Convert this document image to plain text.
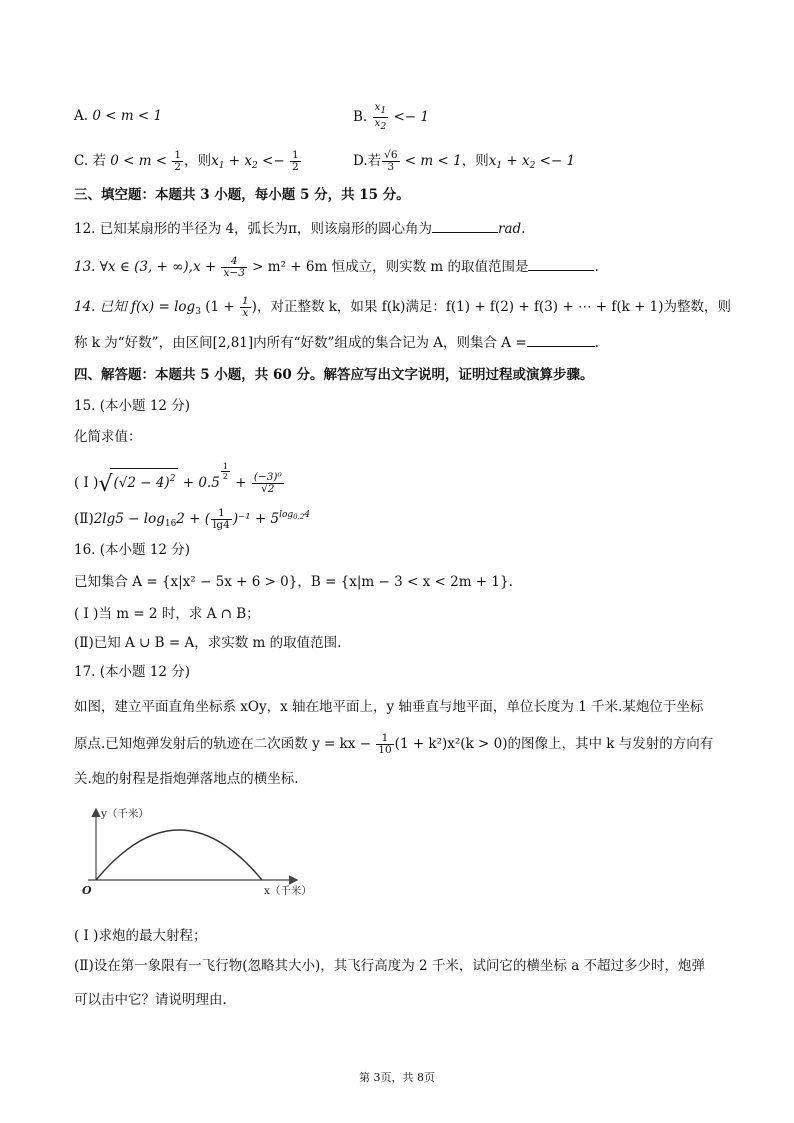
A. 0 < m < 1	B. $\frac{x1}{x2} <- 1$
C. 若 $0 < m < \frac{1}{2}$ ，则$x_1 + x_2 <- \frac{1}{2}$	D.若 $\frac{√6}{3} < m < 1$，则$x_1 + x_2 <- 1$
三、填空题：本题共 3 小题，每小题 5 分，共 15 分。
12. 已知某扇形的半径为 4，弧长为π，则该扇形的圆心角为	rad.
13. ∀x ∈ (3, + $\infty),x + \frac{4}{x-3} > m^2 + 6m$ 恒成立，则实数 m 的取值范围是	.
14. 已知 $f(x) = \log_3 (1 + \frac{1}{x}$ )，对正整数 k，如果 f(k)满足：f(1) + f(2) + f(3) + ⋯ + f(k + 1)为整数，则
称 k 为“好数”，由区间[2,81]内所有“好数”组成的集合记为 A，则集合 A =	.
四、解答题：本题共 5 小题，共 60 分。解答应写出文字说明，证明过程或演算步骤。
15. (本小题 12 分)
化简求值：
( Ⅰ )$√(√2 - 4)^2 + 0.5$
$\frac{1}{2}$
+ $\frac{\text{(−3)⁰}}{√2}$
(Ⅱ)2lg5 − $\log_{16}2$ + ( $\frac{1}{\lg 4} )^{-1} + 5^{log_{0.2}4}$
16. (本小题 12 分)
已知集合 A = {x|x² − 5x + 6 > 0}，B = {x|m − 3 < x < 2m + 1}.
( Ⅰ )当 m = 2 时，求 A ∩ B；
(Ⅱ)已知 A ∪ B = A，求实数 m 的取值范围.
17. (本小题 12 分)
如图，建立平面直角坐标系 xOy，x 轴在地平面上，y 轴垂直与地平面，单位长度为 1 千米.某炮位于坐标
原点.已知炮弹发射后的轨迹在二次函数 y = kx − $\frac{1}{10} (1 + k^2)x^2(k > 0)$的图像上，其中 k 与发射的方向有
关.炮的射程是指炮弹落地点的横坐标.
y（千米）
x（千米）
O
( Ⅰ )求炮的最大射程；
(Ⅱ)设在第一象限有一飞行物(忽略其大小)，其飞行高度为 2 千米，试问它的横坐标 a 不超过多少时，炮弹
可以击中它？请说明理由.
第 3页，共 8页
